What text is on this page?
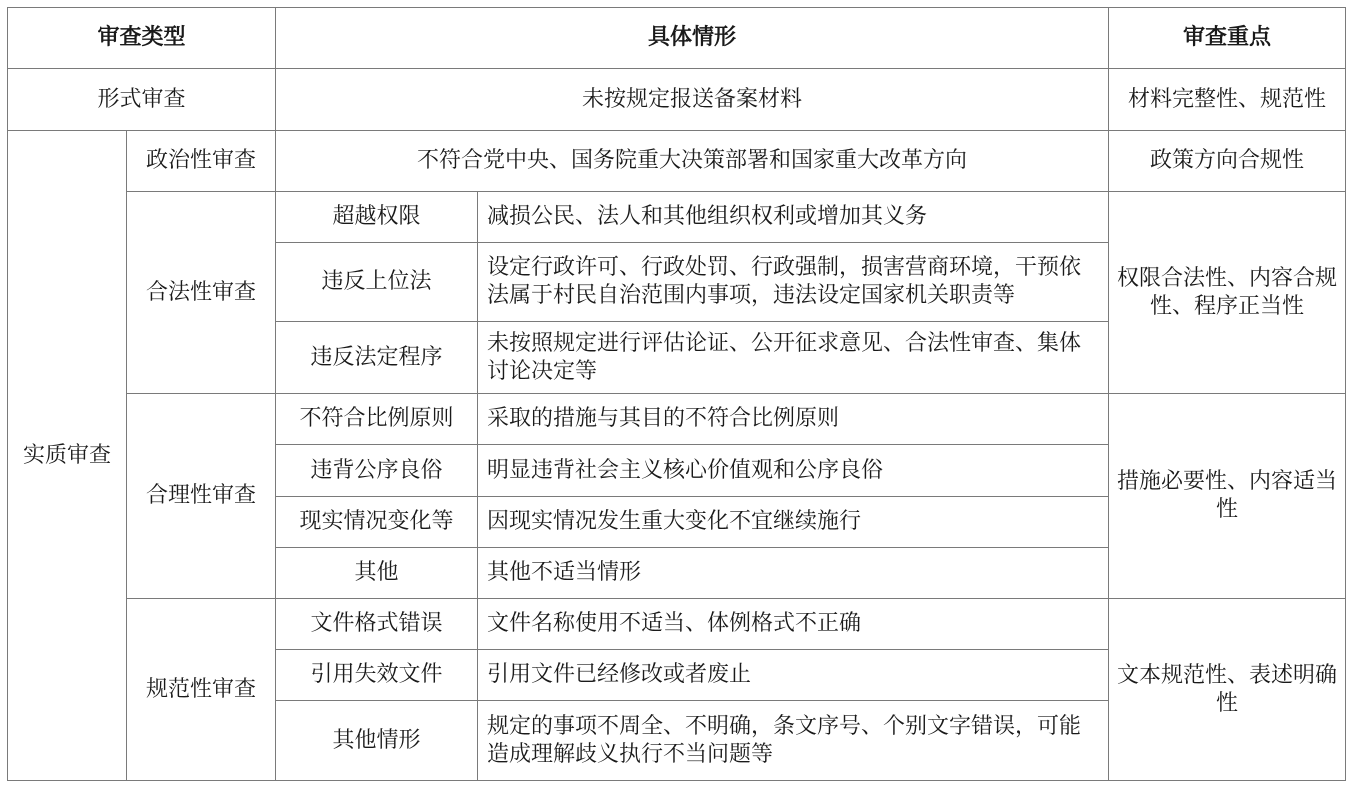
审查类型		具体情形		审查重点
形式审查		未按规定报送备案材料		材料完整性、规范性
实质审查	政治性审查	不符合党中央、国务院重大决策部署和国家重大改革方向		政策方向合规性
	合法性审查	超越权限	减损公民、法人和其他组织权利或增加其义务	权限合法性、内容合规性、程序正当性
		违反上位法	设定行政许可、行政处罚、行政强制，损害营商环境，干预依法属于村民自治范围内事项，违法设定国家机关职责等	
		违反法定程序	未按照规定进行评估论证、公开征求意见、合法性审查、集体讨论决定等	
	合理性审查	不符合比例原则	采取的措施与其目的不符合比例原则	措施必要性、内容适当性
		违背公序良俗	明显违背社会主义核心价值观和公序良俗	
		现实情况变化等	因现实情况发生重大变化不宜继续施行	
		其他	其他不适当情形	
	规范性审查	文件格式错误	文件名称使用不适当、体例格式不正确	文本规范性、表述明确性
		引用失效文件	引用文件已经修改或者废止	
		其他情形	规定的事项不周全、不明确，条文序号、个别文字错误，可能造成理解歧义执行不当问题等	
